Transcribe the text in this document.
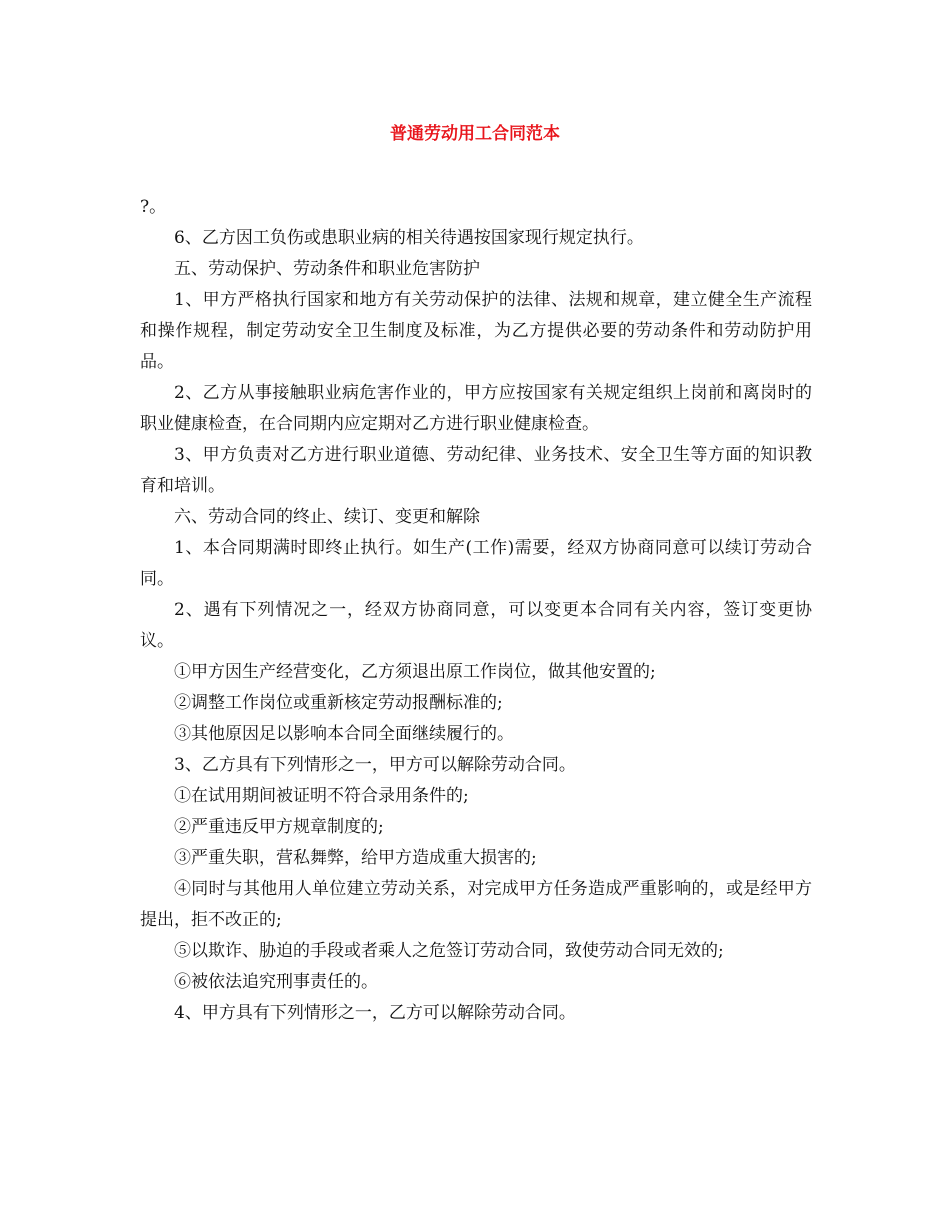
普通劳动用工合同范本

?。

6、乙方因工负伤或患职业病的相关待遇按国家现行规定执行。

五、劳动保护、劳动条件和职业危害防护

1、甲方严格执行国家和地方有关劳动保护的法律、法规和规章，建立健全生产流程和操作规程，制定劳动安全卫生制度及标准，为乙方提供必要的劳动条件和劳动防护用品。

2、乙方从事接触职业病危害作业的，甲方应按国家有关规定组织上岗前和离岗时的职业健康检查，在合同期内应定期对乙方进行职业健康检查。

3、甲方负责对乙方进行职业道德、劳动纪律、业务技术、安全卫生等方面的知识教育和培训。

六、劳动合同的终止、续订、变更和解除

1、本合同期满时即终止执行。如生产(工作)需要，经双方协商同意可以续订劳动合同。

2、遇有下列情况之一，经双方协商同意，可以变更本合同有关内容，签订变更协议。

①甲方因生产经营变化，乙方须退出原工作岗位，做其他安置的;

②调整工作岗位或重新核定劳动报酬标准的;

③其他原因足以影响本合同全面继续履行的。

3、乙方具有下列情形之一，甲方可以解除劳动合同。

①在试用期间被证明不符合录用条件的;

②严重违反甲方规章制度的;

③严重失职，营私舞弊，给甲方造成重大损害的;

④同时与其他用人单位建立劳动关系，对完成甲方任务造成严重影响的，或是经甲方提出，拒不改正的;

⑤以欺诈、胁迫的手段或者乘人之危签订劳动合同，致使劳动合同无效的;

⑥被依法追究刑事责任的。

4、甲方具有下列情形之一，乙方可以解除劳动合同。
